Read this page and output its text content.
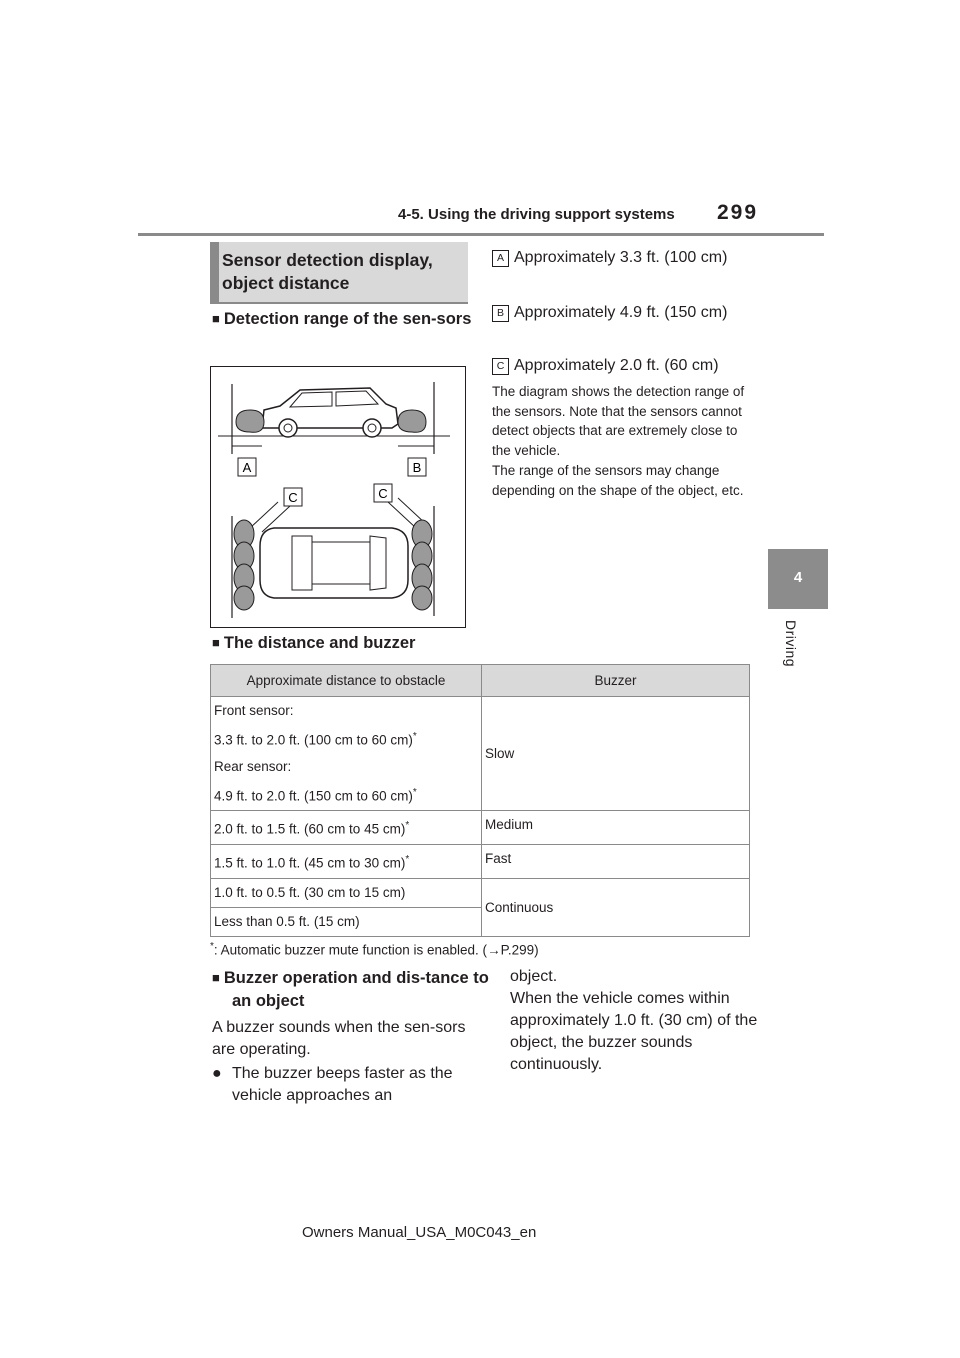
4-5. Using the driving support systems 299
4
Driving
Sensor detection display,
object distance
■ Detection range of the sen-sors
A	B
C	C
A Approximately 3.3 ft. (100 cm)
B Approximately 4.9 ft. (150 cm)
C Approximately 2.0 ft. (60 cm)
The diagram shows the detection range of the sensors. Note that the sensors cannot detect objects that are extremely close to the vehicle.
The range of the sensors may change depending on the shape of the object, etc.
■ The distance and buzzer
Approximate distance to obstacle	Buzzer

Front sensor:
3.3 ft. to 2.0 ft. (100 cm to 60 cm)*
Rear sensor:
4.9 ft. to 2.0 ft. (150 cm to 60 cm)*	Slow
2.0 ft. to 1.5 ft. (60 cm to 45 cm)*	Medium
1.5 ft. to 1.0 ft. (45 cm to 30 cm)*	Fast
1.0 ft. to 0.5 ft. (30 cm to 15 cm)	Continuous
Less than 0.5 ft. (15 cm)	
*: Automatic buzzer mute function is enabled. (→P.299)
■ Buzzer operation and dis-tance to an object
A buzzer sounds when the sen-sors are operating.
● The buzzer beeps faster as the vehicle approaches an
object.
When the vehicle comes within approximately 1.0 ft. (30 cm) of the object, the buzzer sounds continuously.
Owners Manual_USA_M0C043_en
